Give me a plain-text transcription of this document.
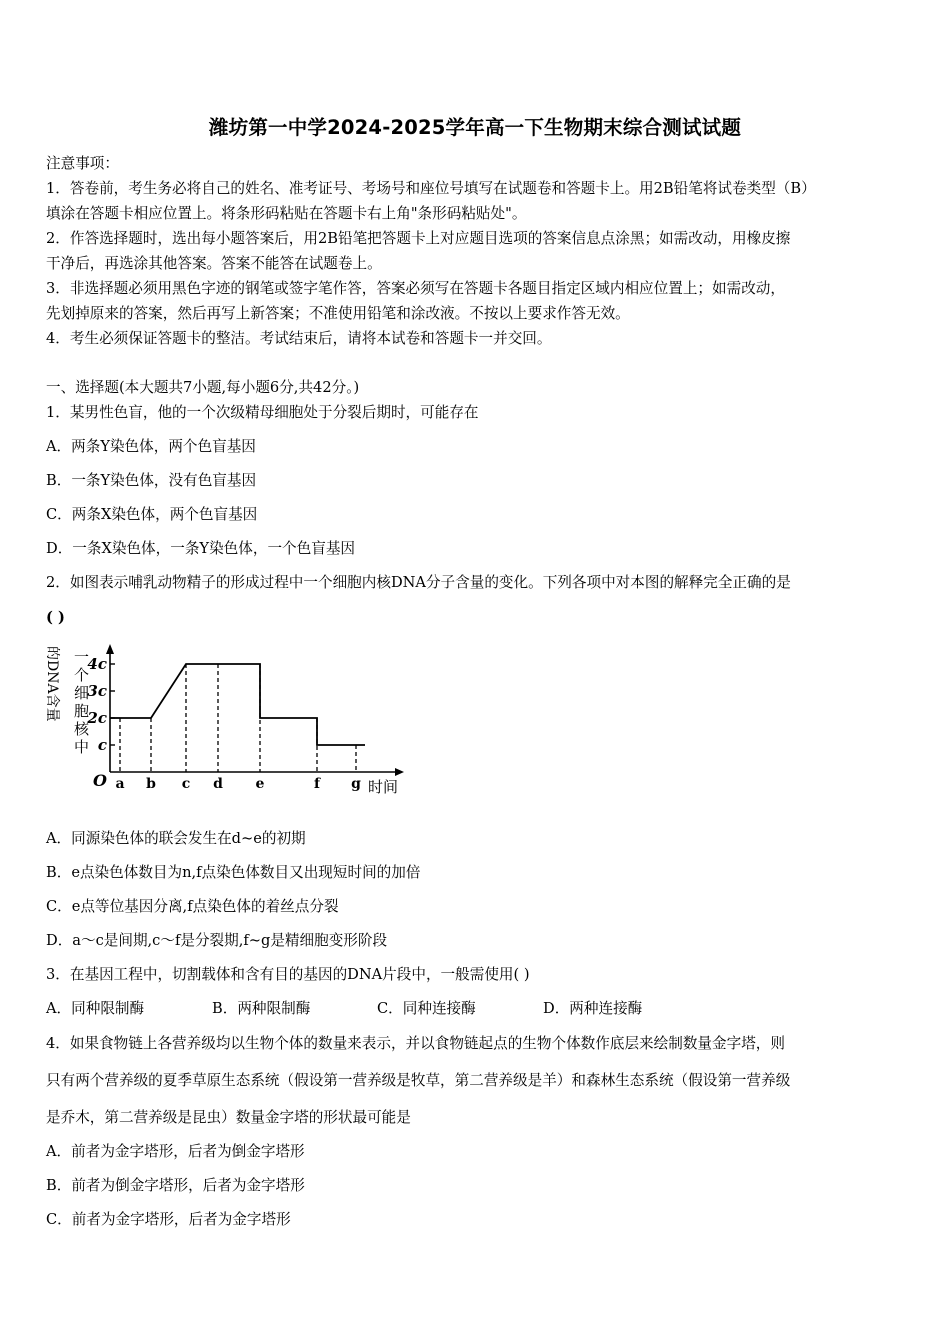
潍坊第一中学2024-2025学年高一下生物期末综合测试试题
注意事项：
1．答卷前，考生务必将自己的姓名、准考证号、考场号和座位号填写在试题卷和答题卡上。用2B铅笔将试卷类型（B）
填涂在答题卡相应位置上。将条形码粘贴在答题卡右上角"条形码粘贴处"。
2．作答选择题时，选出每小题答案后，用2B铅笔把答题卡上对应题目选项的答案信息点涂黑；如需改动，用橡皮擦
干净后，再选涂其他答案。答案不能答在试题卷上。
3．非选择题必须用黑色字迹的钢笔或签字笔作答，答案必须写在答题卡各题目指定区域内相应位置上；如需改动，
先划掉原来的答案，然后再写上新答案；不准使用铅笔和涂改液。不按以上要求作答无效。
4．考生必须保证答题卡的整洁。考试结束后，请将本试卷和答题卡一并交回。
一、选择题(本大题共7小题,每小题6分,共42分。)
1．某男性色盲，他的一个次级精母细胞处于分裂后期时，可能存在
A．两条Y染色体，两个色盲基因
B．一条Y染色体，没有色盲基因
C．两条X染色体，两个色盲基因
D．一条X染色体，一条Y染色体，一个色盲基因
2．如图表示哺乳动物精子的形成过程中一个细胞内核DNA分子含量的变化。下列各项中对本图的解释完全正确的是
( )
O
c
2c
3c
4c
a b c d e	f g 时间
一个细胞核中
的DNA含量
A．同源染色体的联会发生在d~e的初期
B．e点染色体数目为n,f点染色体数目又出现短时间的加倍
C．e点等位基因分离,f点染色体的着丝点分裂
D．a～c是间期,c～f是分裂期,f~g是精细胞变形阶段
3．在基因工程中，切割载体和含有目的基因的DNA片段中，一般需使用( )
A．同种限制酶	B．两种限制酶	C．同种连接酶	D．两种连接酶
4．如果食物链上各营养级均以生物个体的数量来表示，并以食物链起点的生物个体数作底层来绘制数量金字塔，则
只有两个营养级的夏季草原生态系统（假设第一营养级是牧草，第二营养级是羊）和森林生态系统（假设第一营养级
是乔木，第二营养级是昆虫）数量金字塔的形状最可能是
A．前者为金字塔形，后者为倒金字塔形
B．前者为倒金字塔形，后者为金字塔形
C．前者为金字塔形，后者为金字塔形
